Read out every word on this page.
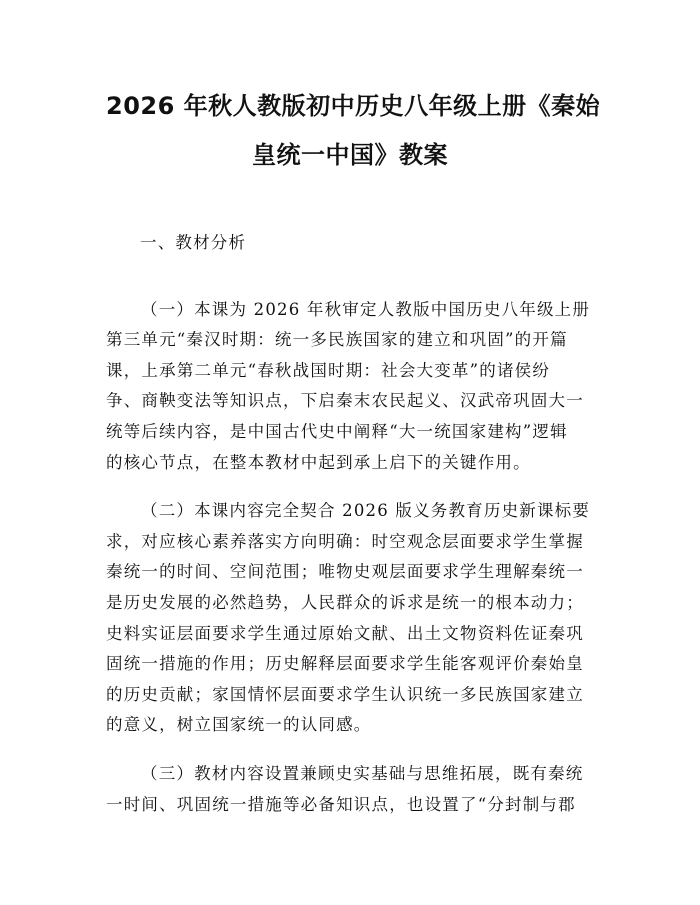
2026 年秋人教版初中历史八年级上册《秦始
皇统一中国》教案
一、教材分析
（一）本课为 2026 年秋审定人教版中国历史八年级上册
第三单元“秦汉时期：统一多民族国家的建立和巩固”的开篇
课，上承第二单元“春秋战国时期：社会大变革”的诸侯纷
争、商鞅变法等知识点，下启秦末农民起义、汉武帝巩固大一
统等后续内容，是中国古代史中阐释“大一统国家建构”逻辑
的核心节点，在整本教材中起到承上启下的关键作用。
（二）本课内容完全契合 2026 版义务教育历史新课标要
求，对应核心素养落实方向明确：时空观念层面要求学生掌握
秦统一的时间、空间范围；唯物史观层面要求学生理解秦统一
是历史发展的必然趋势，人民群众的诉求是统一的根本动力；
史料实证层面要求学生通过原始文献、出土文物资料佐证秦巩
固统一措施的作用；历史解释层面要求学生能客观评价秦始皇
的历史贡献；家国情怀层面要求学生认识统一多民族国家建立
的意义，树立国家统一的认同感。
（三）教材内容设置兼顾史实基础与思维拓展，既有秦统
一时间、巩固统一措施等必备知识点，也设置了“分封制与郡
